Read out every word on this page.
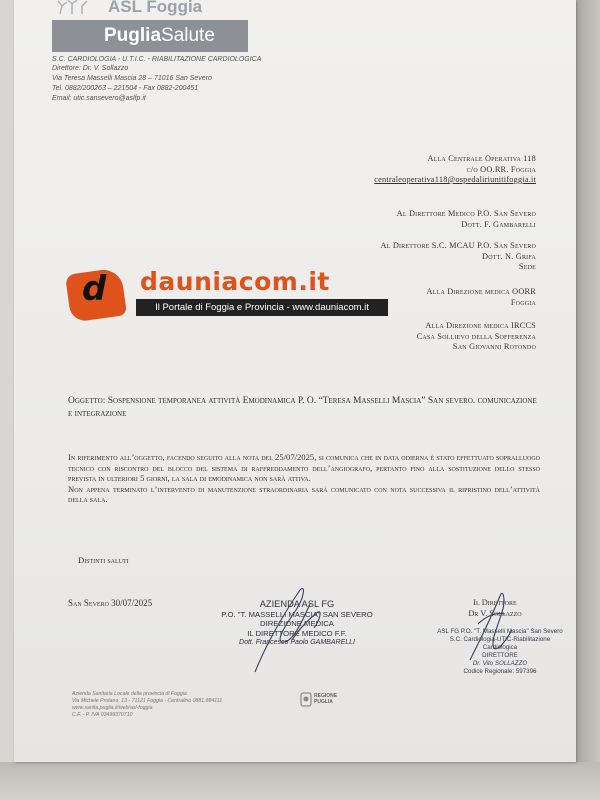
ASL Foggia
PugliaSalute
S.C. CARDIOLOGIA - U.T.I.C. - RIABILITAZIONE CARDIOLOGICA
Direttore: Dr. V. Sollazzo
Via Teresa Masselli Mascia 28 – 71016 San Severo
Tel. 0882/200263 – 221504 - Fax 0882-200451
Email: utic.sansevero@aslfp.it
Alla Centrale Operativa 118
c/o OO.RR. Foggia
centraleoperativa118@ospedaliriunitifoggia.it
Al Direttore Medico P.O. San Severo
Dott. F. Gambarelli
Al Direttore S.C. MCAU P.O. San Severo
Dott. N. Grifa
Sede
Alla Direzione medica OORR
Foggia
Alla Direzione medica IRCCS
Casa Sollievo della Sofferenza
San Giovanni Rotondo
d dauniacom.it
Il Portale di Foggia e Provincia - www.dauniacom.it
Oggetto: Sospensione temporanea attività Emodinamica P. O. “Teresa Masselli Mascia” San severo. comunicazione e integrazione

In riferimento all’oggetto, facendo seguito alla nota del 25/07/2025, si comunica che in data odierna è stato effettuato sopralluogo tecnico con riscontro del blocco del sistema di raffreddamento dell’angiografo, pertanto fino alla sostituzione dello stesso prevista in ulteriori 5 giorni, la sala di emodinamica non sarà attiva.

Non appena terminato l’intervento di manutenzione straordinaria sarà comunicato con nota successiva il ripristino dell’attività della sala.

Distinti saluti
San Severo 30/07/2025	AZIENDA ASL FG
P.O. "T. MASSELLI MASCIA" SAN SEVERO
DIREZIONE MEDICA
IL DIRETTORE MEDICO F.F.
Dott. Francesco Paolo GAMBARELLI
Il Direttore
Dr V. Sollazzo
ASL FG P.O. "T. Masselli Mascia" San Severo
S.C. Cardiologia-UTIC-Riabilitazione Cardiologica
DIRETTORE
Dr. Vito SOLLAZZO
Codice Regionale: 597396
Azienda Sanitaria Locale della provincia di Foggia
Via Michele Protano, 13 - 71121 Foggia - Centralino 0881.884111
www.sanita.puglia.it/web/asl-foggia
C.F. - P. IVA 03499370710
REGIONE
PUGLIA
